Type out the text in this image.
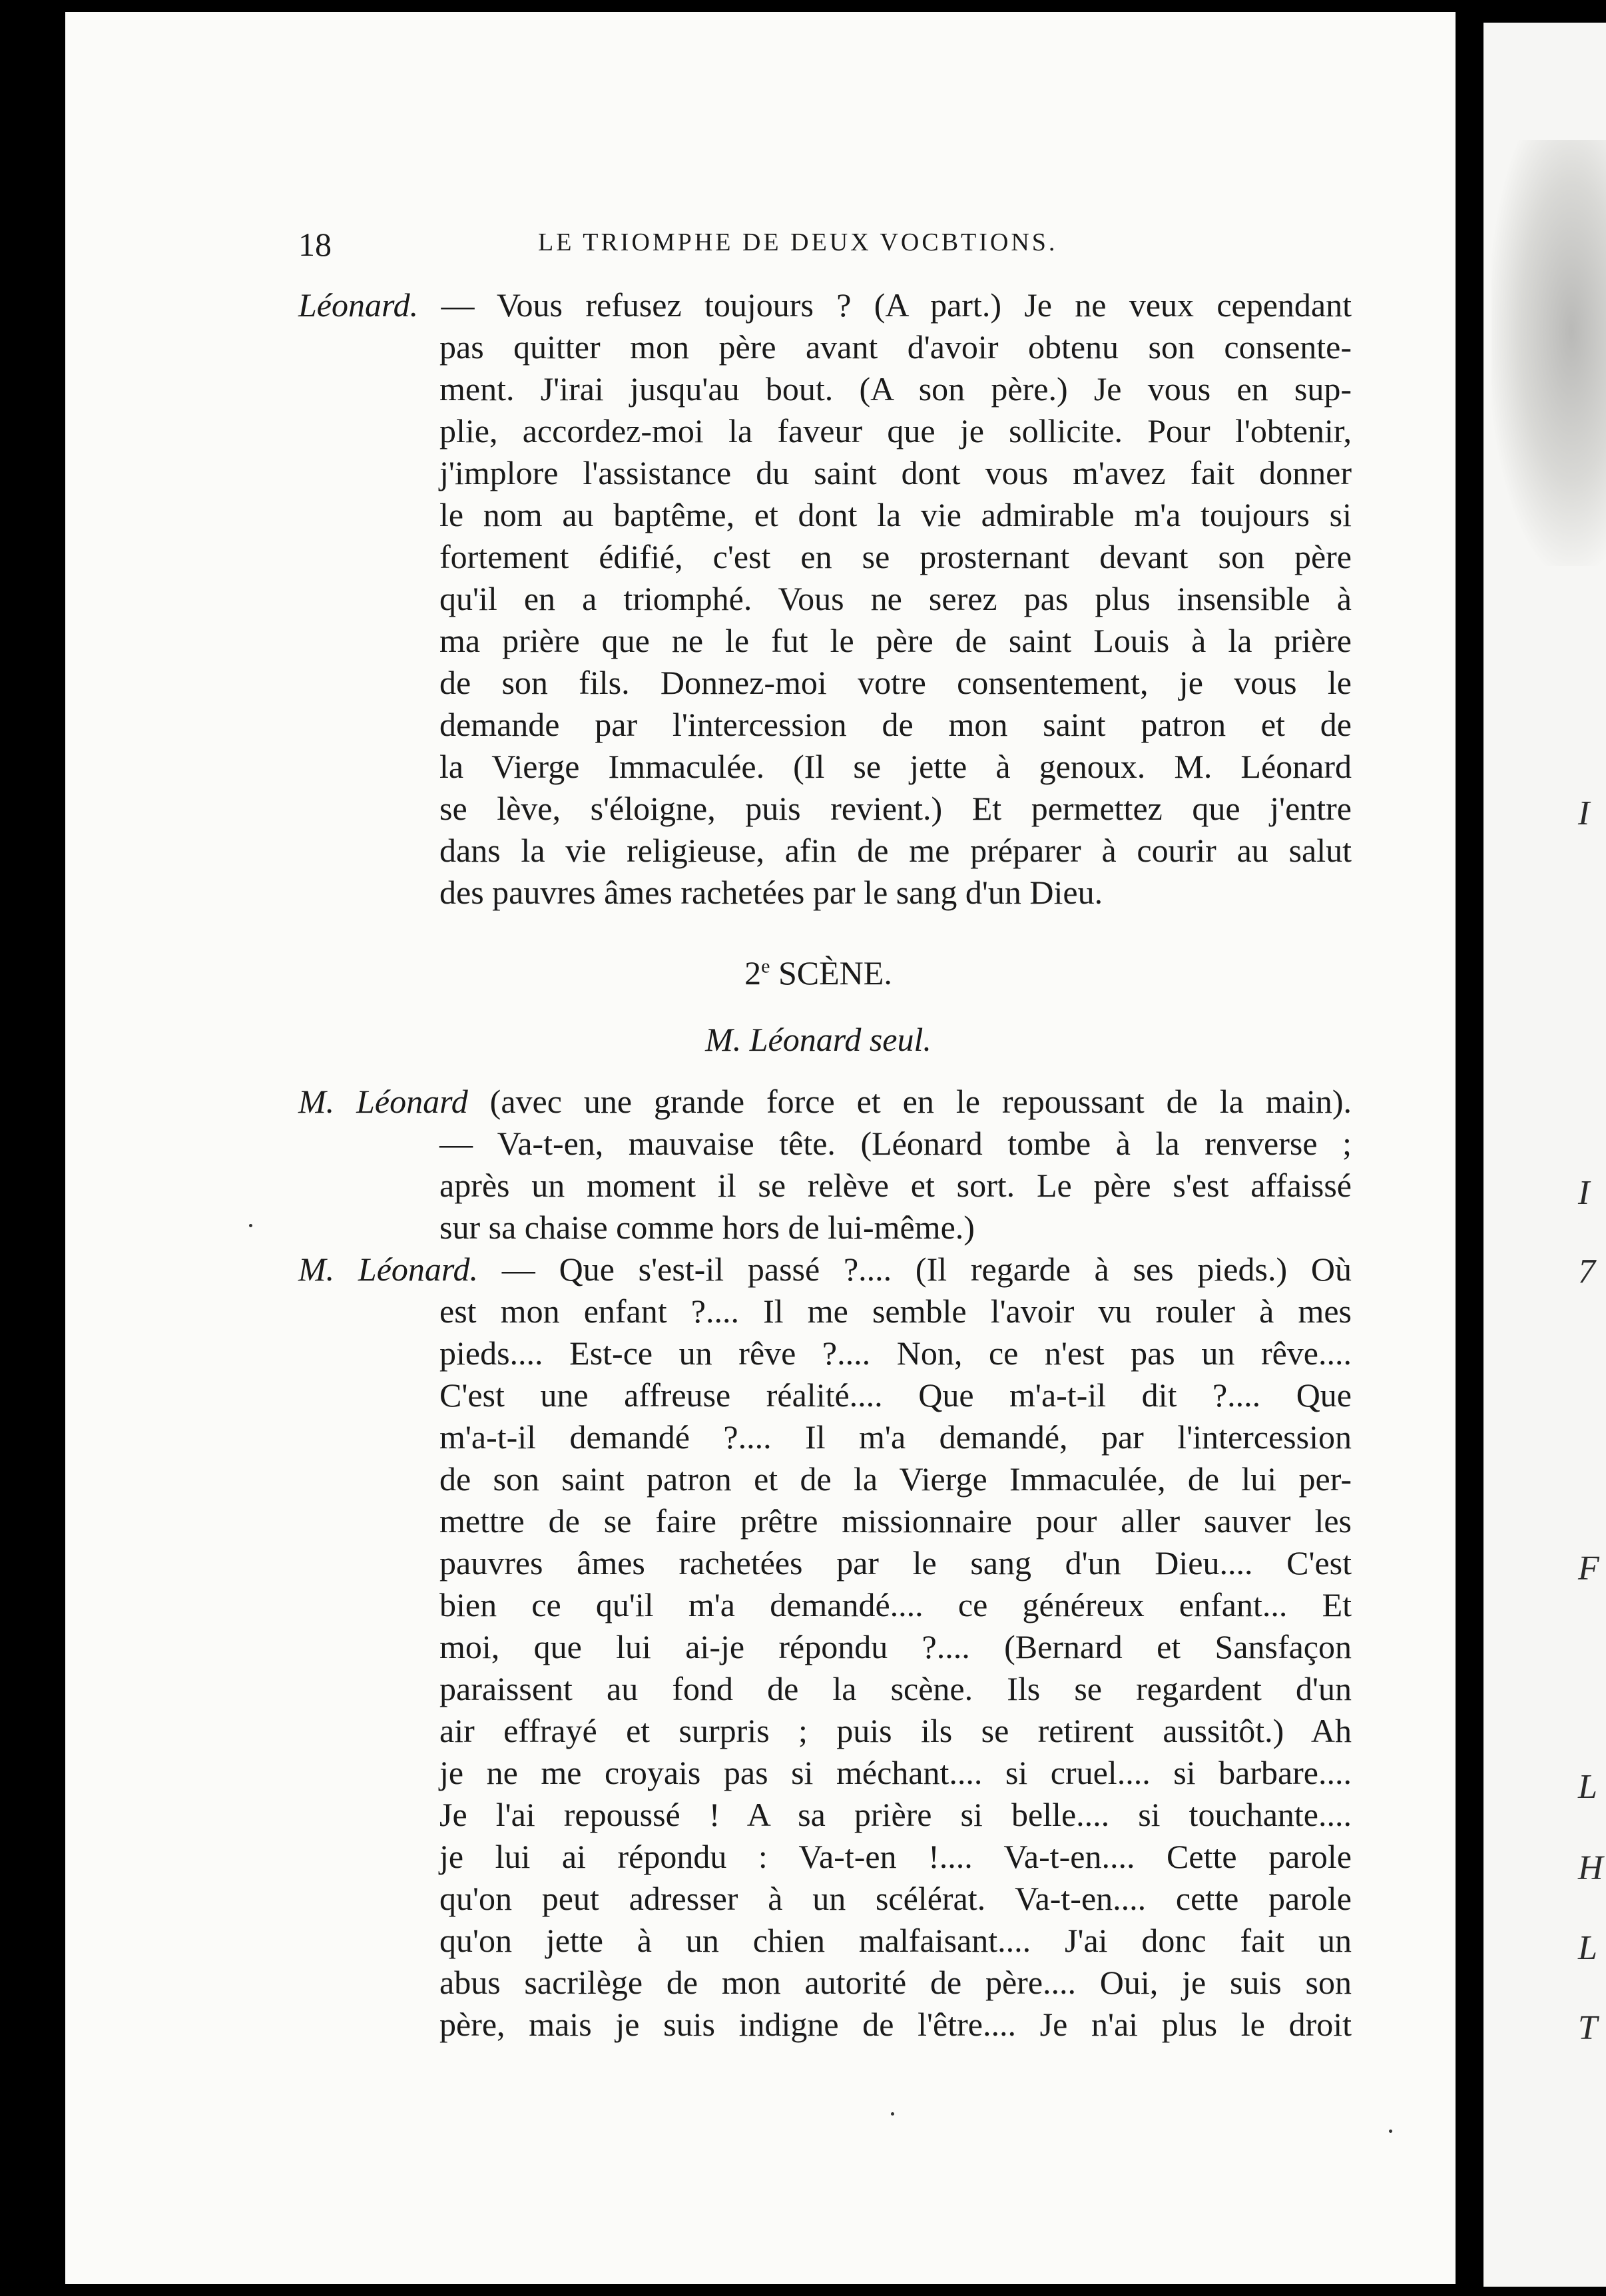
I
I
7
F
L
H
L
T
18	LE TRIOMPHE DE DEUX VOCBTIONS.
Léonard. — Vous refusez toujours ? (A part.) Je ne veux cependant
pas quitter mon père avant d'avoir obtenu son consente-
ment. J'irai jusqu'au bout. (A son père.) Je vous en sup-
plie, accordez-moi la faveur que je sollicite. Pour l'obtenir,
j'implore l'assistance du saint dont vous m'avez fait donner
le nom au baptême, et dont la vie admirable m'a toujours si
fortement édifié, c'est en se prosternant devant son père
qu'il en a triomphé. Vous ne serez pas plus insensible à
ma prière que ne le fut le père de saint Louis à la prière
de son fils. Donnez-moi votre consentement, je vous le
demande par l'intercession de mon saint patron et de
la Vierge Immaculée. (Il se jette à genoux. M. Léonard
se lève, s'éloigne, puis revient.) Et permettez que j'entre
dans la vie religieuse, afin de me préparer à courir au salut
des pauvres âmes rachetées par le sang d'un Dieu.
2e SCÈNE.
M. Léonard seul.
M. Léonard (avec une grande force et en le repoussant de la main).
— Va-t-en, mauvaise tête. (Léonard tombe à la renverse ;
après un moment il se relève et sort. Le père s'est affaissé
sur sa chaise comme hors de lui-même.)
M. Léonard. — Que s'est-il passé ?.... (Il regarde à ses pieds.) Où
est mon enfant ?.... Il me semble l'avoir vu rouler à mes
pieds.... Est-ce un rêve ?.... Non, ce n'est pas un rêve....
C'est une affreuse réalité.... Que m'a-t-il dit ?.... Que
m'a-t-il demandé ?.... Il m'a demandé, par l'intercession
de son saint patron et de la Vierge Immaculée, de lui per-
mettre de se faire prêtre missionnaire pour aller sauver les
pauvres âmes rachetées par le sang d'un Dieu.... C'est
bien ce qu'il m'a demandé.... ce généreux enfant... Et
moi, que lui ai-je répondu ?.... (Bernard et Sansfaçon
paraissent au fond de la scène. Ils se regardent d'un
air effrayé et surpris ; puis ils se retirent aussitôt.) Ah
je ne me croyais pas si méchant.... si cruel.... si barbare....
Je l'ai repoussé ! A sa prière si belle.... si touchante....
je lui ai répondu : Va-t-en !.... Va-t-en.... Cette parole
qu'on peut adresser à un scélérat. Va-t-en.... cette parole
qu'on jette à un chien malfaisant.... J'ai donc fait un
abus sacrilège de mon autorité de père.... Oui, je suis son
père, mais je suis indigne de l'être.... Je n'ai plus le droit
